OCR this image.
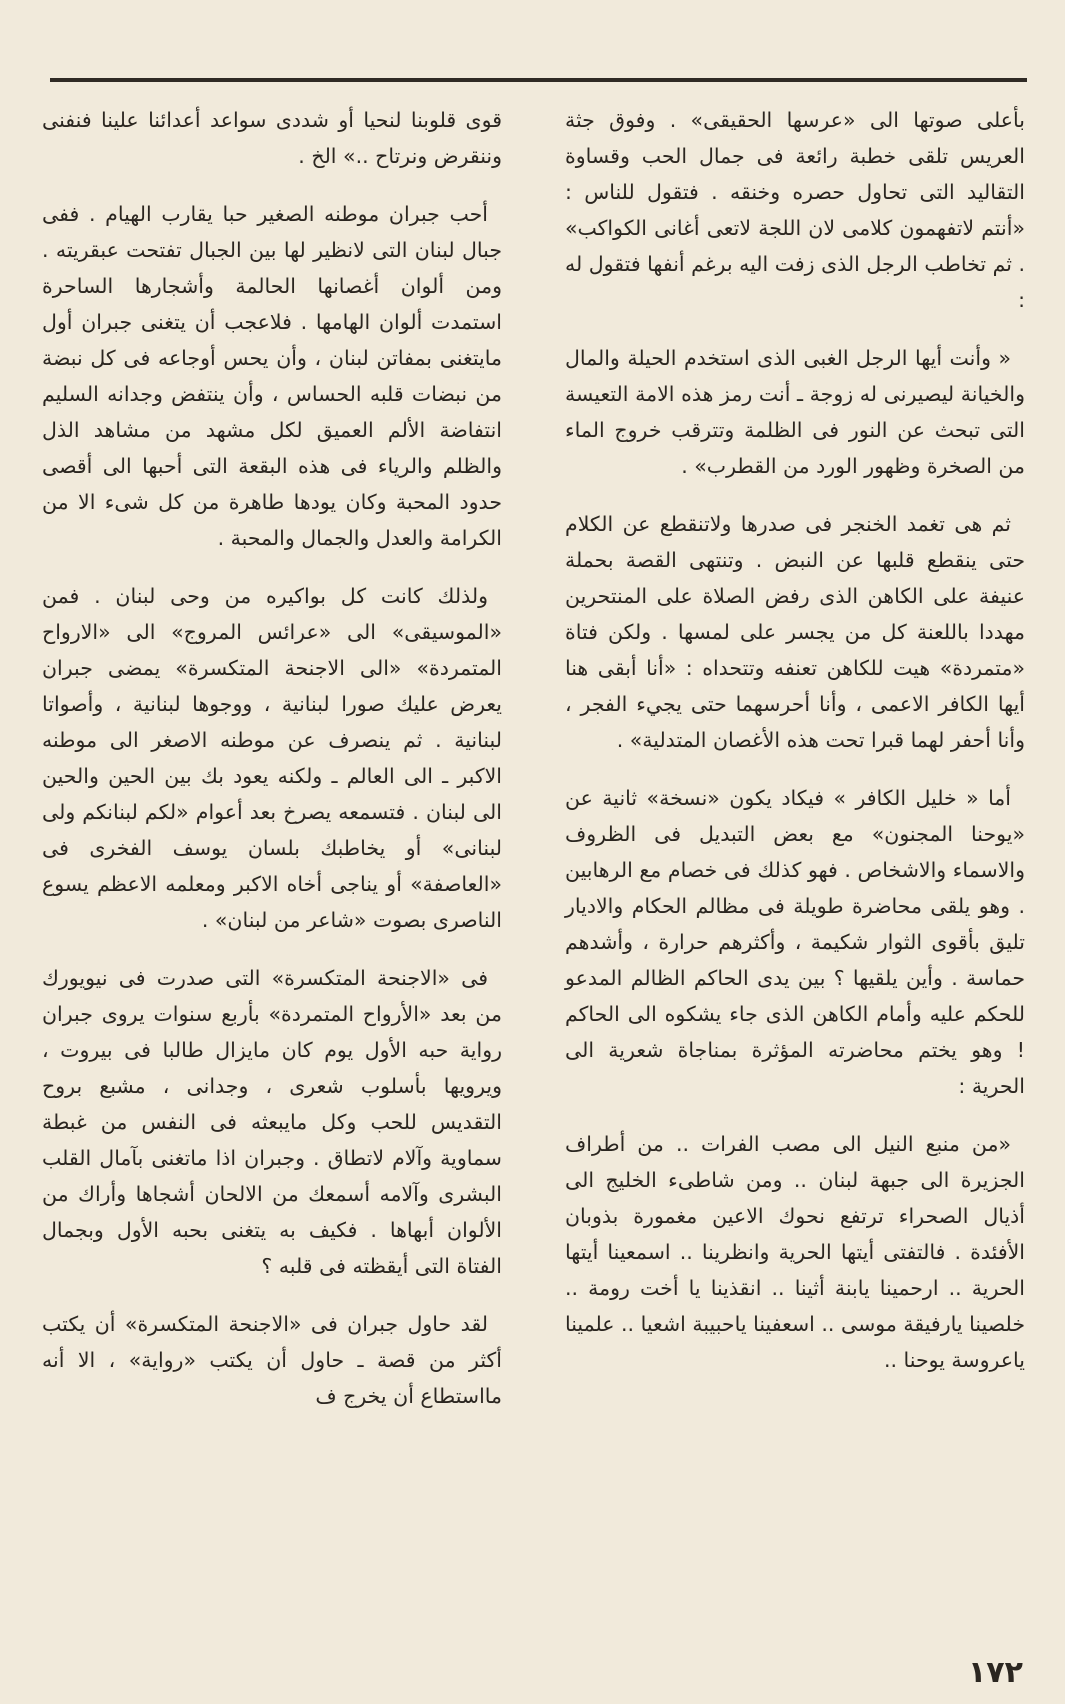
بأعلى صوتها الى «عرسها الحقيقى» . وفوق جثة العريس تلقى خطبة رائعة فى جمال الحب وقساوة التقاليد التى تحاول حصره وخنقه . فتقول للناس : «أنتم لاتفهمون كلامى لان اللجة لاتعى أغانى الكواكب» . ثم تخاطب الرجل الذى زفت اليه برغم أنفها فتقول له :

« وأنت أيها الرجل الغبى الذى استخدم الحيلة والمال والخيانة ليصيرنى له زوجة ـ أنت رمز هذه الامة التعيسة التى تبحث عن النور فى الظلمة وتترقب خروج الماء من الصخرة وظهور الورد من القطرب» .

ثم هى تغمد الخنجر فى صدرها ولاتنقطع عن الكلام حتى ينقطع قلبها عن النبض . وتنتهى القصة بحملة عنيفة على الكاهن الذى رفض الصلاة على المنتحرين مهددا باللعنة كل من يجسر على لمسها . ولكن فتاة «متمردة» هيت للكاهن تعنفه وتتحداه : «أنا أبقى هنا أيها الكافر الاعمى ، وأنا أحرسهما حتى يجيء الفجر ، وأنا أحفر لهما قبرا تحت هذه الأغصان المتدلية» .

أما « خليل الكافر » فيكاد يكون «نسخة» ثانية عن «يوحنا المجنون» مع بعض التبديل فى الظروف والاسماء والاشخاص . فهو كذلك فى خصام مع الرهابين . وهو يلقى محاضرة طويلة فى مظالم الحكام والاديار تليق بأقوى الثوار شكيمة ، وأكثرهم حرارة ، وأشدهم حماسة . وأين يلقيها ؟ بين يدى الحاكم الظالم المدعو للحكم عليه وأمام الكاهن الذى جاء يشكوه الى الحاكم ! وهو يختم محاضرته المؤثرة بمناجاة شعرية الى الحرية :

«من منبع النيل الى مصب الفرات .. من أطراف الجزيرة الى جبهة لبنان .. ومن شاطىء الخليج الى أذيال الصحراء ترتفع نحوك الاعين مغمورة بذوبان الأفئدة . فالتفتى أيتها الحرية وانظرينا .. اسمعينا أيتها الحرية .. ارحمينا يابنة أثينا .. انقذينا يا أخت رومة .. خلصينا يارفيقة موسى .. اسعفينا ياحبيبة اشعيا .. علمينا ياعروسة يوحنا ..

قوى قلوبنا لنحيا أو شددى سواعد أعدائنا علينا فنفنى وننقرض ونرتاح ..» الخ .

أحب جبران موطنه الصغير حبا يقارب الهيام . ففى جبال لبنان التى لانظير لها بين الجبال تفتحت عبقريته . ومن ألوان أغصانها الحالمة وأشجارها الساحرة استمدت ألوان الهامها . فلاعجب أن يتغنى جبران أول مايتغنى بمفاتن لبنان ، وأن يحس أوجاعه فى كل نبضة من نبضات قلبه الحساس ، وأن ينتفض وجدانه السليم انتفاضة الألم العميق لكل مشهد من مشاهد الذل والظلم والرياء فى هذه البقعة التى أحبها الى أقصى حدود المحبة وكان يودها طاهرة من كل شىء الا من الكرامة والعدل والجمال والمحبة .

ولذلك كانت كل بواكيره من وحى لبنان . فمن «الموسيقى» الى «عرائس المروج» الى «الارواح المتمردة» «الى الاجنحة المتكسرة» يمضى جبران يعرض عليك صورا لبنانية ، ووجوها لبنانية ، وأصواتا لبنانية . ثم ينصرف عن موطنه الاصغر الى موطنه الاكبر ـ الى العالم ـ ولكنه يعود بك بين الحين والحين الى لبنان . فتسمعه يصرخ بعد أعوام «لكم لبنانكم ولى لبنانى» أو يخاطبك بلسان يوسف الفخرى فى «العاصفة» أو يناجى أخاه الاكبر ومعلمه الاعظم يسوع الناصرى بصوت «شاعر من لبنان» .

فى «الاجنحة المتكسرة» التى صدرت فى نيويورك من بعد «الأرواح المتمردة» بأربع سنوات يروى جبران رواية حبه الأول يوم كان مايزال طالبا فى بيروت ، ويرويها بأسلوب شعرى ، وجدانى ، مشبع بروح التقديس للحب وكل مايبعثه فى النفس من غبطة سماوية وآلام لاتطاق . وجبران اذا ماتغنى بآمال القلب البشرى وآلامه أسمعك من الالحان أشجاها وأراك من الألوان أبهاها . فكيف به يتغنى بحبه الأول وبجمال الفتاة التى أيقظته فى قلبه ؟

لقد حاول جبران فى «الاجنحة المتكسرة» أن يكتب أكثر من قصة ـ حاول أن يكتب «رواية» ، الا أنه مااستطاع أن يخرج ف

١٧٢
